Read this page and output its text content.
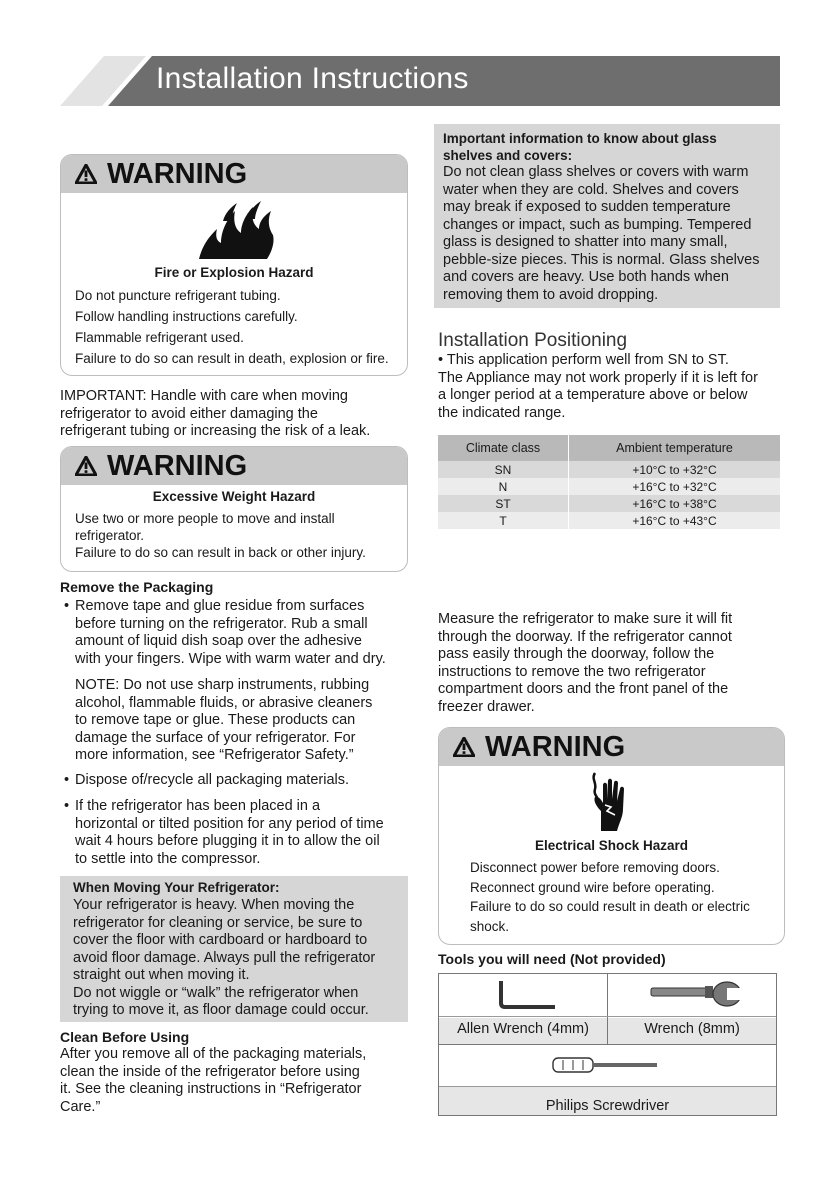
Installation Instructions
WARNING
Fire or Explosion Hazard
Do not puncture refrigerant tubing.
Follow handling instructions carefully.
Flammable refrigerant used.
Failure to do so can result in death, explosion or fire.
IMPORTANT: Handle with care when moving
refrigerator to avoid either damaging the
refrigerant tubing or increasing the risk of a leak.
WARNING
Excessive Weight Hazard
Use two or more people to move and install
refrigerator.
Failure to do so can result in back or other injury.
Remove the Packaging
• Remove tape and glue residue from surfaces
before turning on the refrigerator. Rub a small
amount of liquid dish soap over the adhesive
with your fingers. Wipe with warm water and dry.
NOTE: Do not use sharp instruments, rubbing
alcohol, flammable fluids, or abrasive cleaners
to remove tape or glue. These products can
damage the surface of your refrigerator. For
more information, see “Refrigerator Safety.”
• Dispose of/recycle all packaging materials.
• If the refrigerator has been placed in a
horizontal or tilted position for any period of time
wait 4 hours before plugging it in to allow the oil
to settle into the compressor.
When Moving Your Refrigerator:
Your refrigerator is heavy. When moving the
refrigerator for cleaning or service, be sure to
cover the floor with cardboard or hardboard to
avoid floor damage. Always pull the refrigerator
straight out when moving it.
Do not wiggle or “walk” the refrigerator when
trying to move it, as floor damage could occur.
Clean Before Using
After you remove all of the packaging materials,
clean the inside of the refrigerator before using
it. See the cleaning instructions in “Refrigerator
Care.”
Important information to know about glass
shelves and covers:
Do not clean glass shelves or covers with warm
water when they are cold. Shelves and covers
may break if exposed to sudden temperature
changes or impact, such as bumping. Tempered
glass is designed to shatter into many small,
pebble-size pieces. This is normal. Glass shelves
and covers are heavy. Use both hands when
removing them to avoid dropping.
Installation Positioning
• This application perform well from SN to ST.
The Appliance may not work properly if it is left for
a longer period at a temperature above or below
the indicated range.
Climate class	Ambient temperature
SN	+10°C to +32°C
N	+16°C to +32°C
ST	+16°C to +38°C
T	+16°C to +43°C
Measure the refrigerator to make sure it will fit
through the doorway. If the refrigerator cannot
pass easily through the doorway, follow the
instructions to remove the two refrigerator
compartment doors and the front panel of the
freezer drawer.
WARNING
Electrical Shock Hazard
Disconnect power before removing doors.
Reconnect ground wire before operating.
Failure to do so could result in death or electric
shock.
Tools you will need (Not provided)
Allen Wrench (4mm)	Wrench (8mm)
Philips Screwdriver
